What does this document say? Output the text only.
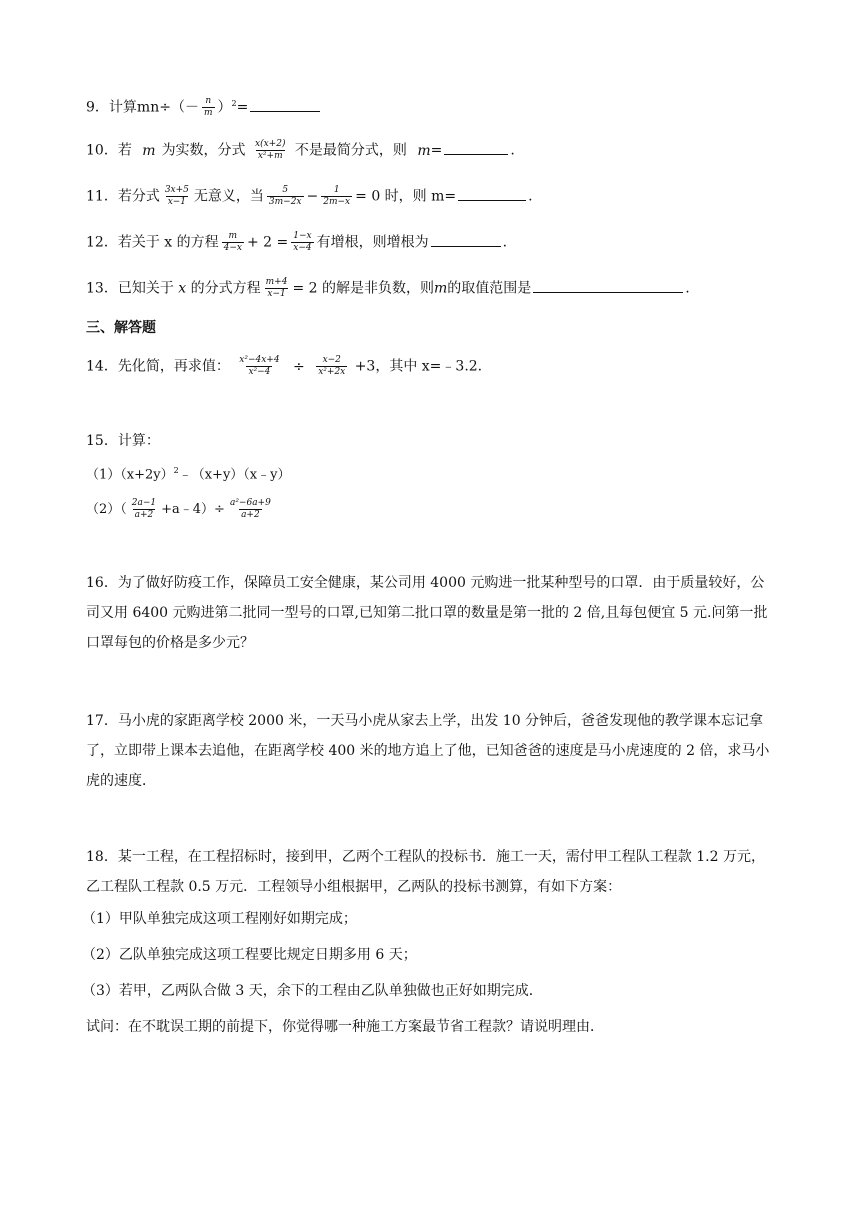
9．计算$mn\div(- \frac{n}{m} )^2=$
10．若 m 为实数，分式 $\frac{x(x+2)}{\text{x²+m}}$ 不是最简分式，则 m=	.
11．若分式 $\frac{3x+5}{x-1}$ 无意义，当 $\frac{5}{3m-2x} - \frac{1}{2m-x} = 0$ 时，则 m=	.
12．若关于 x 的方程 $\frac{m}{4-x} + 2 = \frac{1-x}{x-4}$ 有增根，则增根为	.
13．已知关于 x 的分式方程 $\frac{m+4}{x-1} = 2$ 的解是非负数，则m的取值范围是	.
三、解答题
14．先化简，再求值： $\frac{\text{x²−4x+4}}{\text{x²−4}} \div \frac{x-2}{\text{x²+2x}} +3$，其中 x=﹣3.2.
15．计算：
$(1)(x+2y)^2﹣(x+y)(x﹣y)$
$(2)( \frac{2a-1}{a+2}$ +a﹣4）÷ $\frac{\text{a²−6a+9}}{a+2}$
16．为了做好防疫工作，保障员工安全健康，某公司用 4000 元购进一批某种型号的口罩．由于质量较好，公司又用 6400 元购进第二批同一型号的口罩,已知第二批口罩的数量是第一批的 2 倍,且每包便宜 5 元.问第一批口罩每包的价格是多少元？
17．马小虎的家距离学校 2000 米，一天马小虎从家去上学，出发 10 分钟后，爸爸发现他的教学课本忘记拿了，立即带上课本去追他，在距离学校 400 米的地方追上了他，已知爸爸的速度是马小虎速度的 2 倍，求马小虎的速度．
18．某一工程，在工程招标时，接到甲，乙两个工程队的投标书．施工一天，需付甲工程队工程款 1.2 万元，乙工程队工程款 0.5 万元．工程领导小组根据甲，乙两队的投标书测算，有如下方案：
（1）甲队单独完成这项工程刚好如期完成；
（2）乙队单独完成这项工程要比规定日期多用 6 天；
（3）若甲，乙两队合做 3 天，余下的工程由乙队单独做也正好如期完成．
试问：在不耽误工期的前提下，你觉得哪一种施工方案最节省工程款？请说明理由．
